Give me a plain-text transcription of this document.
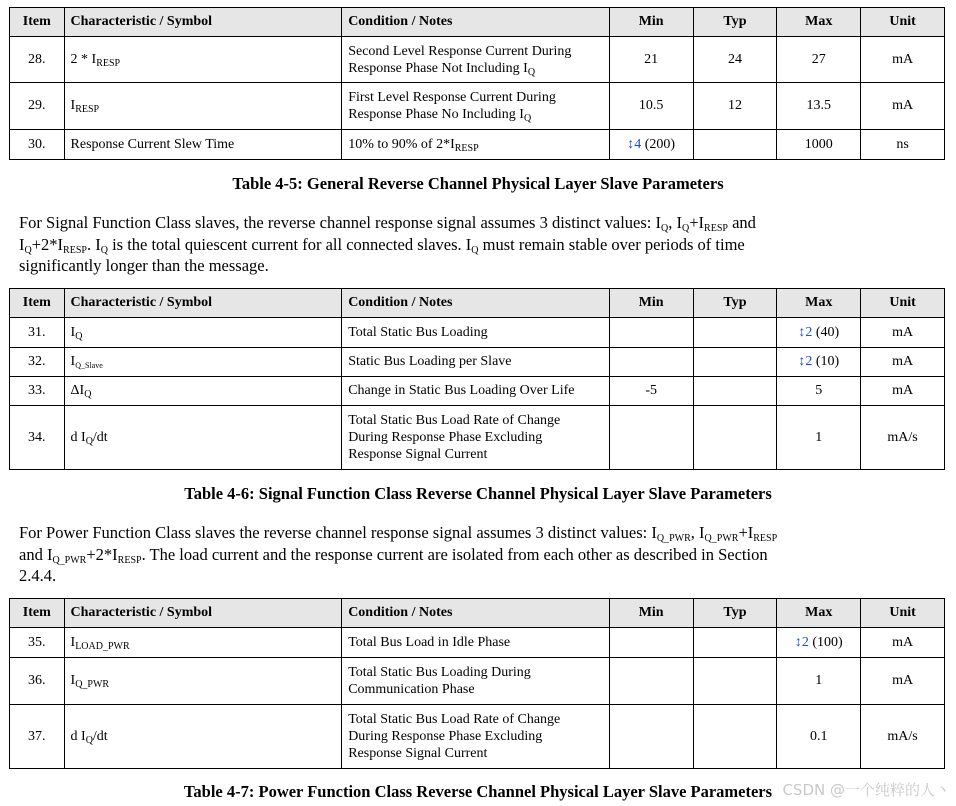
Item	Characteristic / Symbol	Condition / Notes	Min	Typ	Max	Unit
28.	$2 * I_{RESP}$	Second Level Response Current During
Response Phase Not Including $I_Q$	21	24	27	mA
29.	$I_{RESP}$	First Level Response Current During
Response Phase No Including $I_Q$	10.5	12	13.5	mA
30.	Response Current Slew Time	10% to 90% of $2*I_{RESP}$	↕4 (200)		1000	ns
Table 4-5: General Reverse Channel Physical Layer Slave Parameters
For Signal Function Class slaves, the reverse channel response signal assumes 3 distinct values: $I_Q$, $I_Q+I_{RESP}$ and
$I_Q+2*I_{RESP}$. $I_Q$ is the total quiescent current for all connected slaves. $I_Q$ must remain stable over periods of time
significantly longer than the message.
Item	Characteristic / Symbol	Condition / Notes	Min	Typ	Max	Unit
31.	$I_Q$	Total Static Bus Loading			↕2 (40)	mA
32.	$I_{Q\_Slave}$	Static Bus Loading per Slave			↕2 (10)	mA
33.	$\Delta I_Q$	Change in Static Bus Loading Over Life	-5		5	mA
34.	d $I_Q/dt$	Total Static Bus Load Rate of Change
During Response Phase Excluding
Response Signal Current			1	mA/s
Table 4-6: Signal Function Class Reverse Channel Physical Layer Slave Parameters
For Power Function Class slaves the reverse channel response signal assumes 3 distinct values: $I_{Q\_PWR}$, $I_{Q\_PWR}+I_{RESP}$
and $I_{Q\_PWR}+2*I_{RESP}$. The load current and the response current are isolated from each other as described in Section
2.4.4.
Item	Characteristic / Symbol	Condition / Notes	Min	Typ	Max	Unit
35.	$I_{LOAD\_PWR}$	Total Bus Load in Idle Phase			↕2 (100)	mA
36.	$I_{Q\_PWR}$	Total Static Bus Loading During
Communication Phase			1	mA
37.	d $I_Q/dt$	Total Static Bus Load Rate of Change
During Response Phase Excluding
Response Signal Current			0.1	mA/s
Table 4-7: Power Function Class Reverse Channel Physical Layer Slave Parameters CSDN @一个纯粹的人丶
